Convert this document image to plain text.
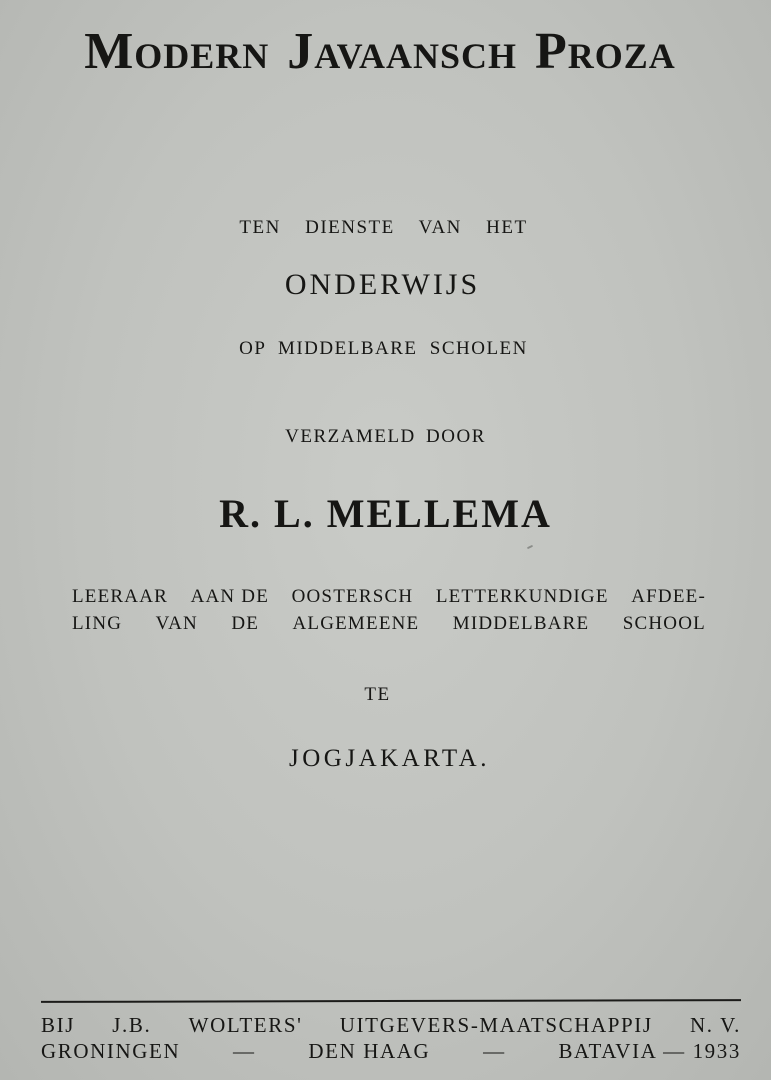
Modern Javaansch Proza
TEN DIENSTE VAN HET
ONDERWIJS
OP MIDDELBARE SCHOLEN
VERZAMELD DOOR
R. L. MELLEMA
LEERAAR AAN DE OOSTERSCH LETTERKUNDIGE AFDEE-
LING VAN DE ALGEMEENE MIDDELBARE SCHOOL
TE
JOGJAKARTA.
BIJ J.B. WOLTERS' UITGEVERS-MAATSCHAPPIJ N. V.
GRONINGEN	—	DEN HAAG	—	BATAVIA — 1933
